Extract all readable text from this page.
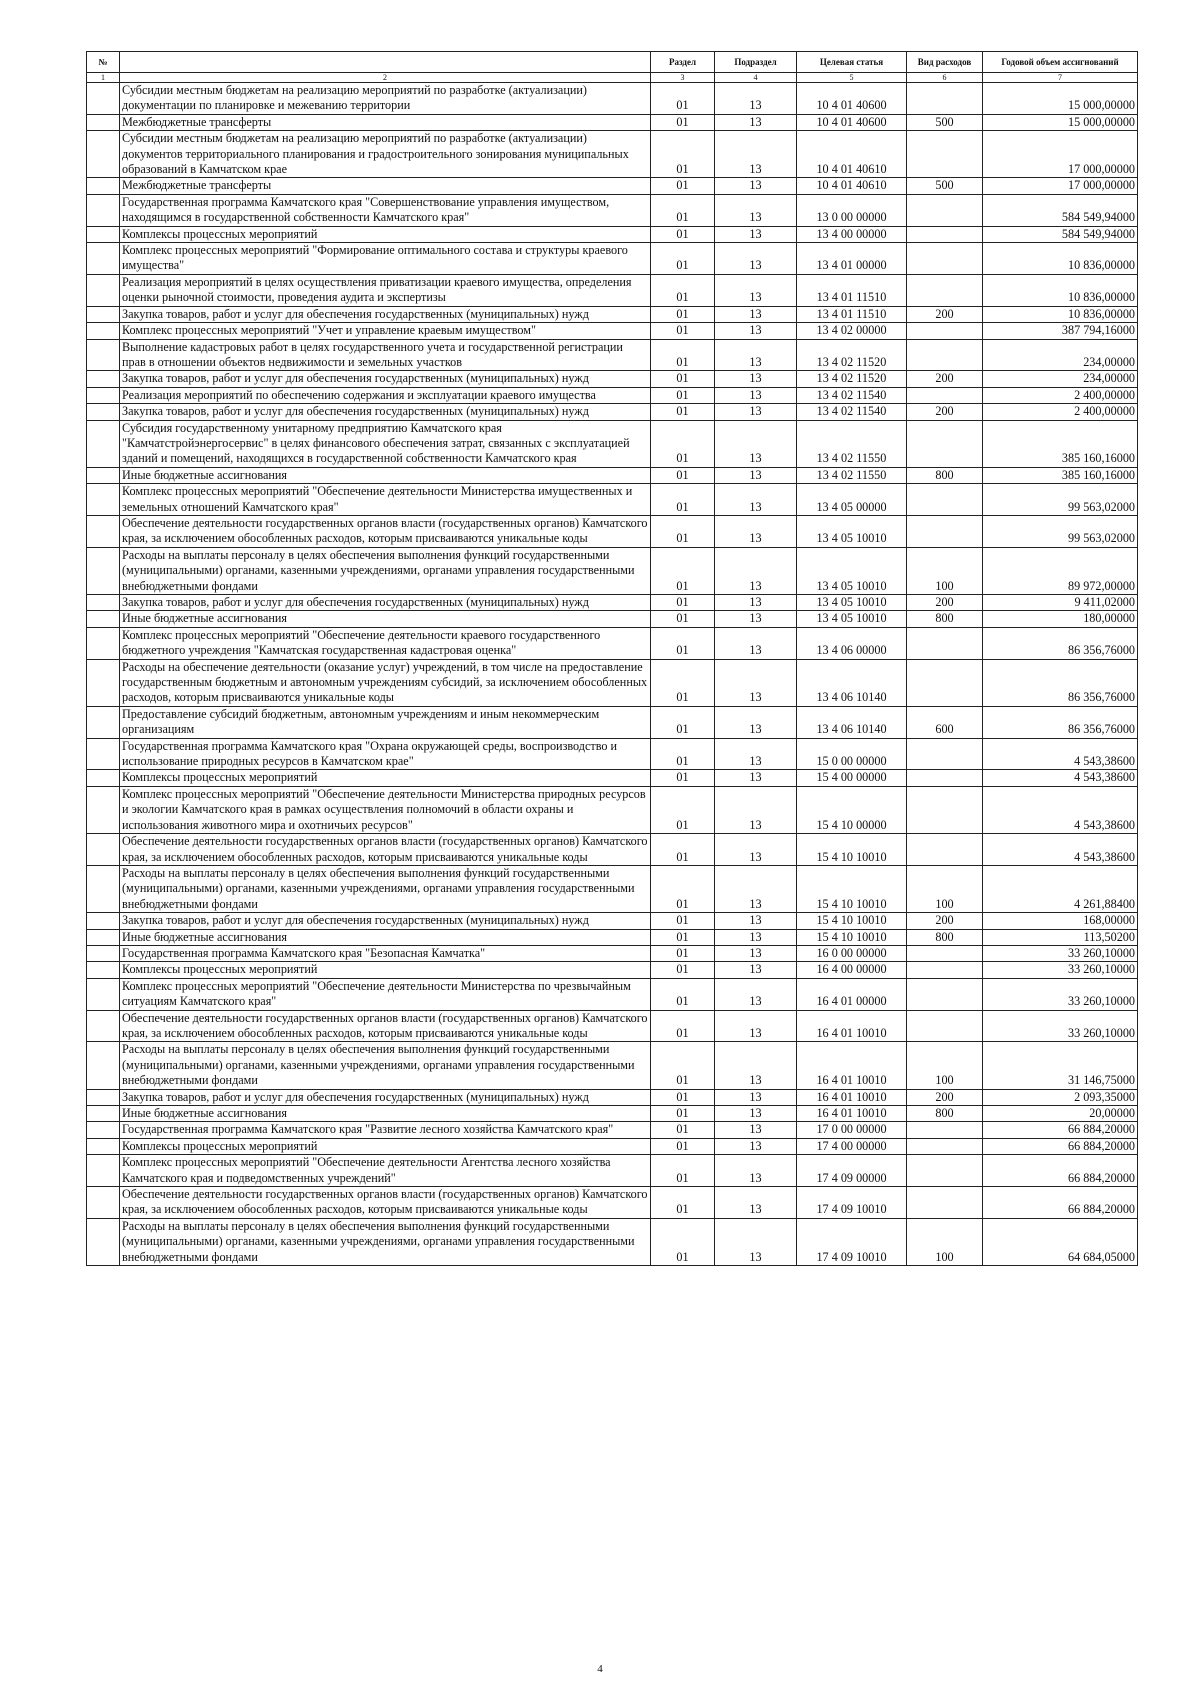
№		Раздел	Подраздел	Целевая статья	Вид расходов	Годовой объем ассигнований
1	2	3	4	5	6	7
	Субсидии местным бюджетам на реализацию мероприятий по разработке (актуализации) документации по планировке и межеванию территории	01	13	10 4 01 40600		15 000,00000
	Межбюджетные трансферты	01	13	10 4 01 40600	500	15 000,00000
	Субсидии местным бюджетам на реализацию мероприятий по разработке (актуализации) документов территориального планирования и градостроительного зонирования муниципальных образований в Камчатском крае	01	13	10 4 01 40610		17 000,00000
	Межбюджетные трансферты	01	13	10 4 01 40610	500	17 000,00000
	Государственная программа Камчатского края "Совершенствование управления имуществом, находящимся в государственной собственности Камчатского края"	01	13	13 0 00 00000		584 549,94000
	Комплексы процессных мероприятий	01	13	13 4 00 00000		584 549,94000
	Комплекс процессных мероприятий "Формирование оптимального состава и структуры краевого имущества"	01	13	13 4 01 00000		10 836,00000
	Реализация мероприятий в целях осуществления приватизации краевого имущества, определения оценки рыночной стоимости, проведения аудита и экспертизы	01	13	13 4 01 11510		10 836,00000
	Закупка товаров, работ и услуг для обеспечения государственных (муниципальных) нужд	01	13	13 4 01 11510	200	10 836,00000
	Комплекс процессных мероприятий "Учет и управление краевым имуществом"	01	13	13 4 02 00000		387 794,16000
	Выполнение кадастровых работ в целях государственного учета и государственной регистрации прав в отношении объектов недвижимости и земельных участков	01	13	13 4 02 11520		234,00000
	Закупка товаров, работ и услуг для обеспечения государственных (муниципальных) нужд	01	13	13 4 02 11520	200	234,00000
	Реализация мероприятий по обеспечению содержания и эксплуатации краевого имущества	01	13	13 4 02 11540		2 400,00000
	Закупка товаров, работ и услуг для обеспечения государственных (муниципальных) нужд	01	13	13 4 02 11540	200	2 400,00000
	Субсидия государственному унитарному предприятию Камчатского края "Камчатстройэнергосервис" в целях финансового обеспечения затрат, связанных с эксплуатацией зданий и помещений, находящихся в государственной собственности Камчатского края	01	13	13 4 02 11550		385 160,16000
	Иные бюджетные ассигнования	01	13	13 4 02 11550	800	385 160,16000
	Комплекс процессных мероприятий "Обеспечение деятельности Министерства имущественных и земельных отношений Камчатского края"	01	13	13 4 05 00000		99 563,02000
	Обеспечение деятельности государственных органов власти (государственных органов) Камчатского края, за исключением обособленных расходов, которым присваиваются уникальные коды	01	13	13 4 05 10010		99 563,02000
	Расходы на выплаты персоналу в целях обеспечения выполнения функций государственными (муниципальными) органами, казенными учреждениями, органами управления государственными внебюджетными фондами	01	13	13 4 05 10010	100	89 972,00000
	Закупка товаров, работ и услуг для обеспечения государственных (муниципальных) нужд	01	13	13 4 05 10010	200	9 411,02000
	Иные бюджетные ассигнования	01	13	13 4 05 10010	800	180,00000
	Комплекс процессных мероприятий "Обеспечение деятельности краевого государственного бюджетного учреждения "Камчатская государственная кадастровая оценка"	01	13	13 4 06 00000		86 356,76000
	Расходы на обеспечение деятельности (оказание услуг) учреждений, в том числе на предоставление государственным бюджетным и автономным учреждениям субсидий, за исключением обособленных расходов, которым присваиваются уникальные коды	01	13	13 4 06 10140		86 356,76000
	Предоставление субсидий бюджетным, автономным учреждениям и иным некоммерческим организациям	01	13	13 4 06 10140	600	86 356,76000
	Государственная программа Камчатского края "Охрана окружающей среды, воспроизводство и использование природных ресурсов в Камчатском крае"	01	13	15 0 00 00000		4 543,38600
	Комплексы процессных мероприятий	01	13	15 4 00 00000		4 543,38600
	Комплекс процессных мероприятий "Обеспечение деятельности Министерства природных ресурсов и экологии Камчатского края в рамках осуществления полномочий в области охраны и использования животного мира и охотничьих ресурсов"	01	13	15 4 10 00000		4 543,38600
	Обеспечение деятельности государственных органов власти (государственных органов) Камчатского края, за исключением обособленных расходов, которым присваиваются уникальные коды	01	13	15 4 10 10010		4 543,38600
	Расходы на выплаты персоналу в целях обеспечения выполнения функций государственными (муниципальными) органами, казенными учреждениями, органами управления государственными внебюджетными фондами	01	13	15 4 10 10010	100	4 261,88400
	Закупка товаров, работ и услуг для обеспечения государственных (муниципальных) нужд	01	13	15 4 10 10010	200	168,00000
	Иные бюджетные ассигнования	01	13	15 4 10 10010	800	113,50200
	Государственная программа Камчатского края "Безопасная Камчатка"	01	13	16 0 00 00000		33 260,10000
	Комплексы процессных мероприятий	01	13	16 4 00 00000		33 260,10000
	Комплекс процессных мероприятий "Обеспечение деятельности Министерства по чрезвычайным ситуациям Камчатского края"	01	13	16 4 01 00000		33 260,10000
	Обеспечение деятельности государственных органов власти (государственных органов) Камчатского края, за исключением обособленных расходов, которым присваиваются уникальные коды	01	13	16 4 01 10010		33 260,10000
	Расходы на выплаты персоналу в целях обеспечения выполнения функций государственными (муниципальными) органами, казенными учреждениями, органами управления государственными внебюджетными фондами	01	13	16 4 01 10010	100	31 146,75000
	Закупка товаров, работ и услуг для обеспечения государственных (муниципальных) нужд	01	13	16 4 01 10010	200	2 093,35000
	Иные бюджетные ассигнования	01	13	16 4 01 10010	800	20,00000
	Государственная программа Камчатского края "Развитие лесного хозяйства Камчатского края"	01	13	17 0 00 00000		66 884,20000
	Комплексы процессных мероприятий	01	13	17 4 00 00000		66 884,20000
	Комплекс процессных мероприятий "Обеспечение деятельности Агентства лесного хозяйства Камчатского края и подведомственных учреждений"	01	13	17 4 09 00000		66 884,20000
	Обеспечение деятельности государственных органов власти (государственных органов) Камчатского края, за исключением обособленных расходов, которым присваиваются уникальные коды	01	13	17 4 09 10010		66 884,20000
	Расходы на выплаты персоналу в целях обеспечения выполнения функций государственными (муниципальными) органами, казенными учреждениями, органами управления государственными внебюджетными фондами	01	13	17 4 09 10010	100	64 684,05000
4
